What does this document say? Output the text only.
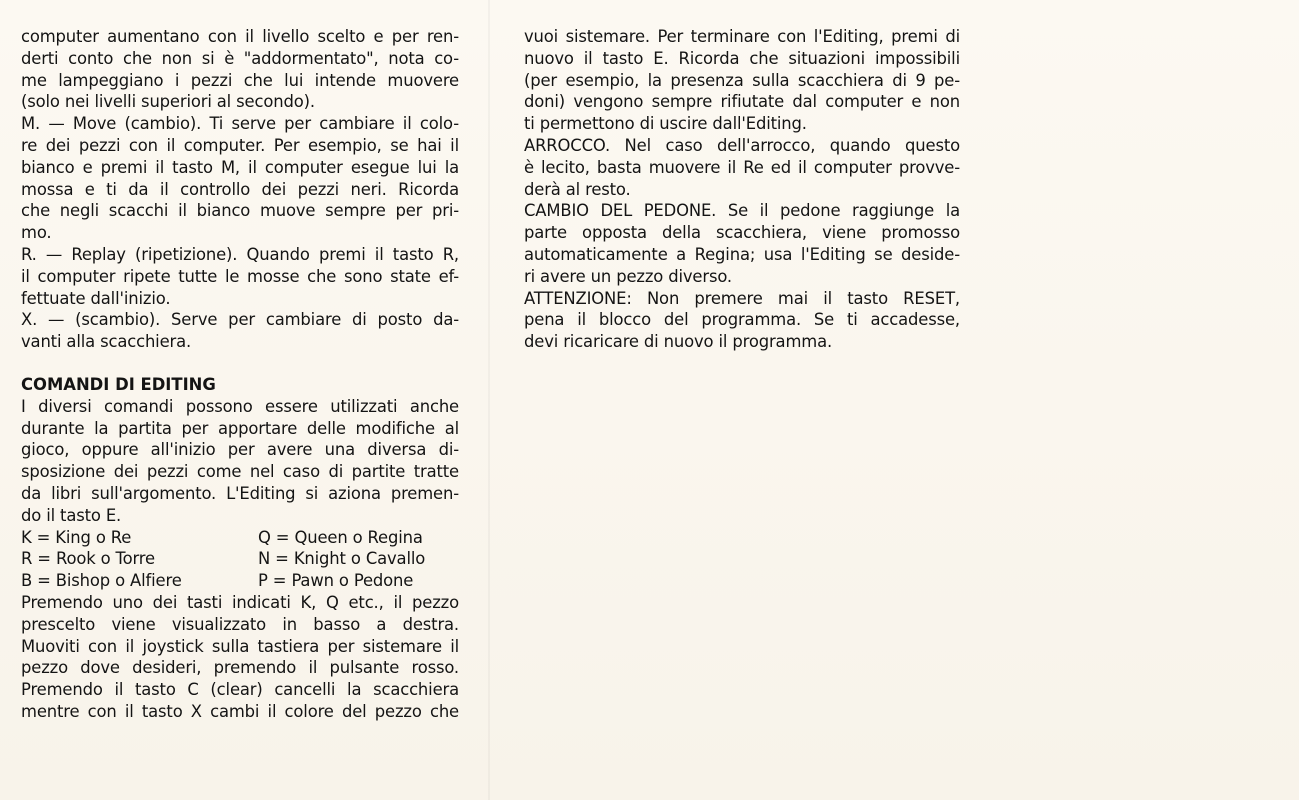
computer aumentano con il livello scelto e per ren-
derti conto che non si è "addormentato", nota co-
me lampeggiano i pezzi che lui intende muovere
(solo nei livelli superiori al secondo).
M. — Move (cambio). Ti serve per cambiare il colo-
re dei pezzi con il computer. Per esempio, se hai il
bianco e premi il tasto M, il computer esegue lui la
mossa e ti da il controllo dei pezzi neri. Ricorda
che negli scacchi il bianco muove sempre per pri-
mo.
R. — Replay (ripetizione). Quando premi il tasto R,
il computer ripete tutte le mosse che sono state ef-
fettuate dall'inizio.
X. — (scambio). Serve per cambiare di posto da-
vanti alla scacchiera.
COMANDI DI EDITING
I diversi comandi possono essere utilizzati anche
durante la partita per apportare delle modifiche al
gioco, oppure all'inizio per avere una diversa di-
sposizione dei pezzi come nel caso di partite tratte
da libri sull'argomento. L'Editing si aziona premen-
do il tasto E.
K = King o Re	Q = Queen o Regina
R = Rook o Torre	N = Knight o Cavallo
B = Bishop o Alfiere	P = Pawn o Pedone
Premendo uno dei tasti indicati K, Q etc., il pezzo
prescelto viene visualizzato in basso a destra.
Muoviti con il joystick sulla tastiera per sistemare il
pezzo dove desideri, premendo il pulsante rosso.
Premendo il tasto C (clear) cancelli la scacchiera
mentre con il tasto X cambi il colore del pezzo che
vuoi sistemare. Per terminare con l'Editing, premi di
nuovo il tasto E. Ricorda che situazioni impossibili
(per esempio, la presenza sulla scacchiera di 9 pe-
doni) vengono sempre rifiutate dal computer e non
ti permettono di uscire dall'Editing.
ARROCCO. Nel caso dell'arrocco, quando questo
è lecito, basta muovere il Re ed il computer provve-
derà al resto.
CAMBIO DEL PEDONE. Se il pedone raggiunge la
parte opposta della scacchiera, viene promosso
automaticamente a Regina; usa l'Editing se deside-
ri avere un pezzo diverso.
ATTENZIONE: Non premere mai il tasto RESET,
pena il blocco del programma. Se ti accadesse,
devi ricaricare di nuovo il programma.
